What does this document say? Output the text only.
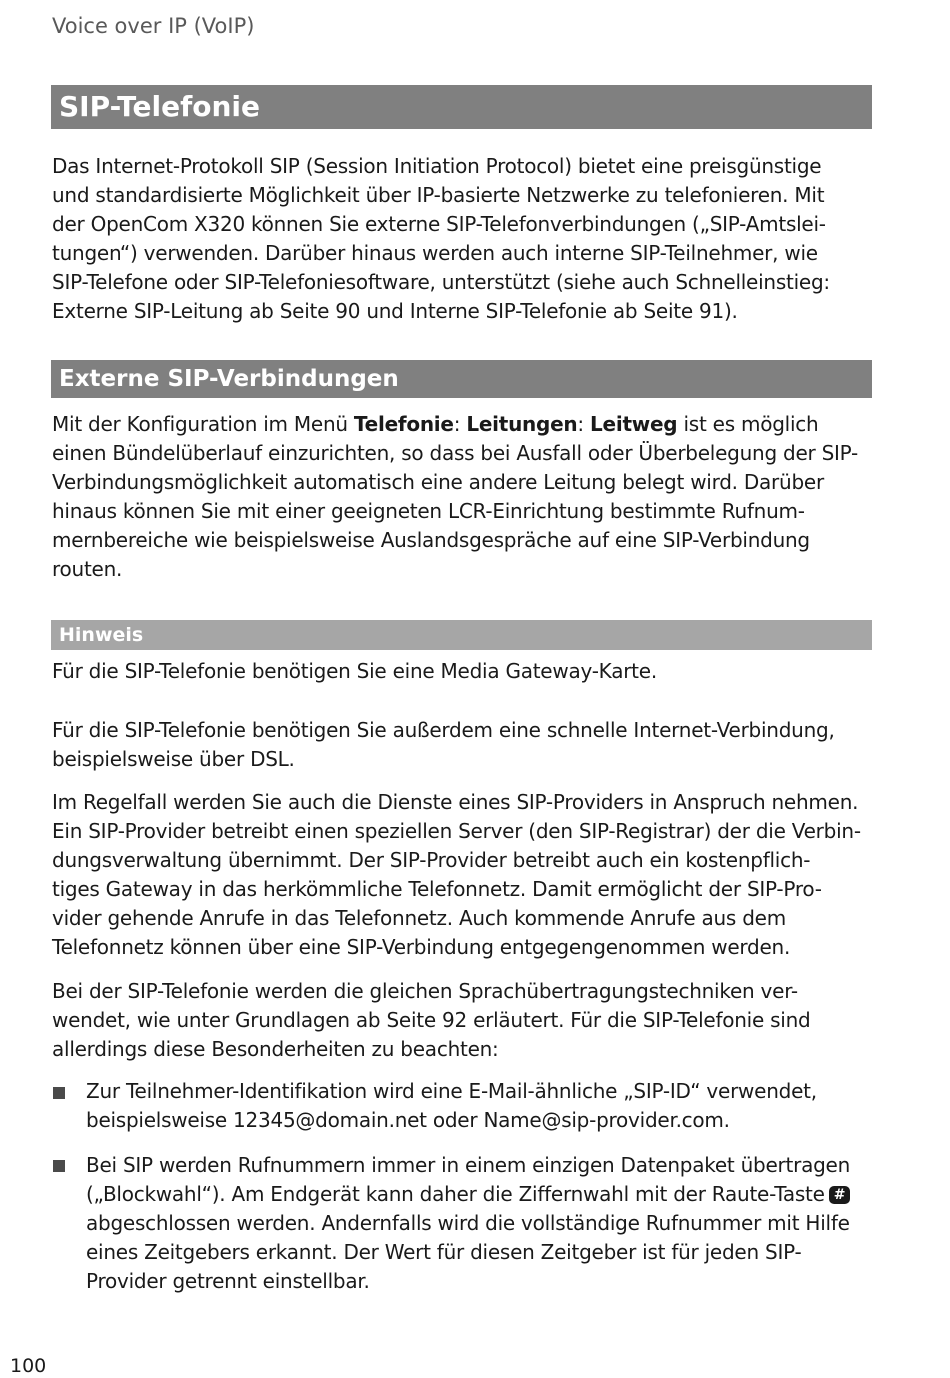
Voice over IP (VoIP)
SIP-Telefonie
Das Internet-Protokoll SIP (Session Initiation Protocol) bietet eine preisgünstige
und standardisierte Möglichkeit über IP-basierte Netzwerke zu telefonieren. Mit
der OpenCom X320 können Sie externe SIP-Telefonverbindungen („SIP-Amtslei-
tungen“) verwenden. Darüber hinaus werden auch interne SIP-Teilnehmer, wie
SIP-Telefone oder SIP-Telefoniesoftware, unterstützt (siehe auch Schnelleinstieg:
Externe SIP-Leitung ab Seite 90 und Interne SIP-Telefonie ab Seite 91).
Externe SIP-Verbindungen
Mit der Konfiguration im Menü Telefonie: Leitungen: Leitweg ist es möglich
einen Bündelüberlauf einzurichten, so dass bei Ausfall oder Überbelegung der SIP-
Verbindungsmöglichkeit automatisch eine andere Leitung belegt wird. Darüber
hinaus können Sie mit einer geeigneten LCR-Einrichtung bestimmte Rufnum-
mernbereiche wie beispielsweise Auslandsgespräche auf eine SIP-Verbindung
routen.
Hinweis
Für die SIP-Telefonie benötigen Sie eine Media Gateway-Karte.
Für die SIP-Telefonie benötigen Sie außerdem eine schnelle Internet-Verbindung,
beispielsweise über DSL.
Im Regelfall werden Sie auch die Dienste eines SIP-Providers in Anspruch nehmen.
Ein SIP-Provider betreibt einen speziellen Server (den SIP-Registrar) der die Verbin-
dungsverwaltung übernimmt. Der SIP-Provider betreibt auch ein kostenpflich-
tiges Gateway in das herkömmliche Telefonnetz. Damit ermöglicht der SIP-Pro-
vider gehende Anrufe in das Telefonnetz. Auch kommende Anrufe aus dem
Telefonnetz können über eine SIP-Verbindung entgegengenommen werden.
Bei der SIP-Telefonie werden die gleichen Sprachübertragungstechniken ver-
wendet, wie unter Grundlagen ab Seite 92 erläutert. Für die SIP-Telefonie sind
allerdings diese Besonderheiten zu beachten:
Zur Teilnehmer-Identifikation wird eine E-Mail-ähnliche „SIP-ID“ verwendet,
beispielsweise 12345@domain.net oder Name@sip-provider.com.
Bei SIP werden Rufnummern immer in einem einzigen Datenpaket übertragen
(„Blockwahl“). Am Endgerät kann daher die Ziffernwahl mit der Raute-Taste #
abgeschlossen werden. Andernfalls wird die vollständige Rufnummer mit Hilfe
eines Zeitgebers erkannt. Der Wert für diesen Zeitgeber ist für jeden SIP-
Provider getrennt einstellbar.
100
